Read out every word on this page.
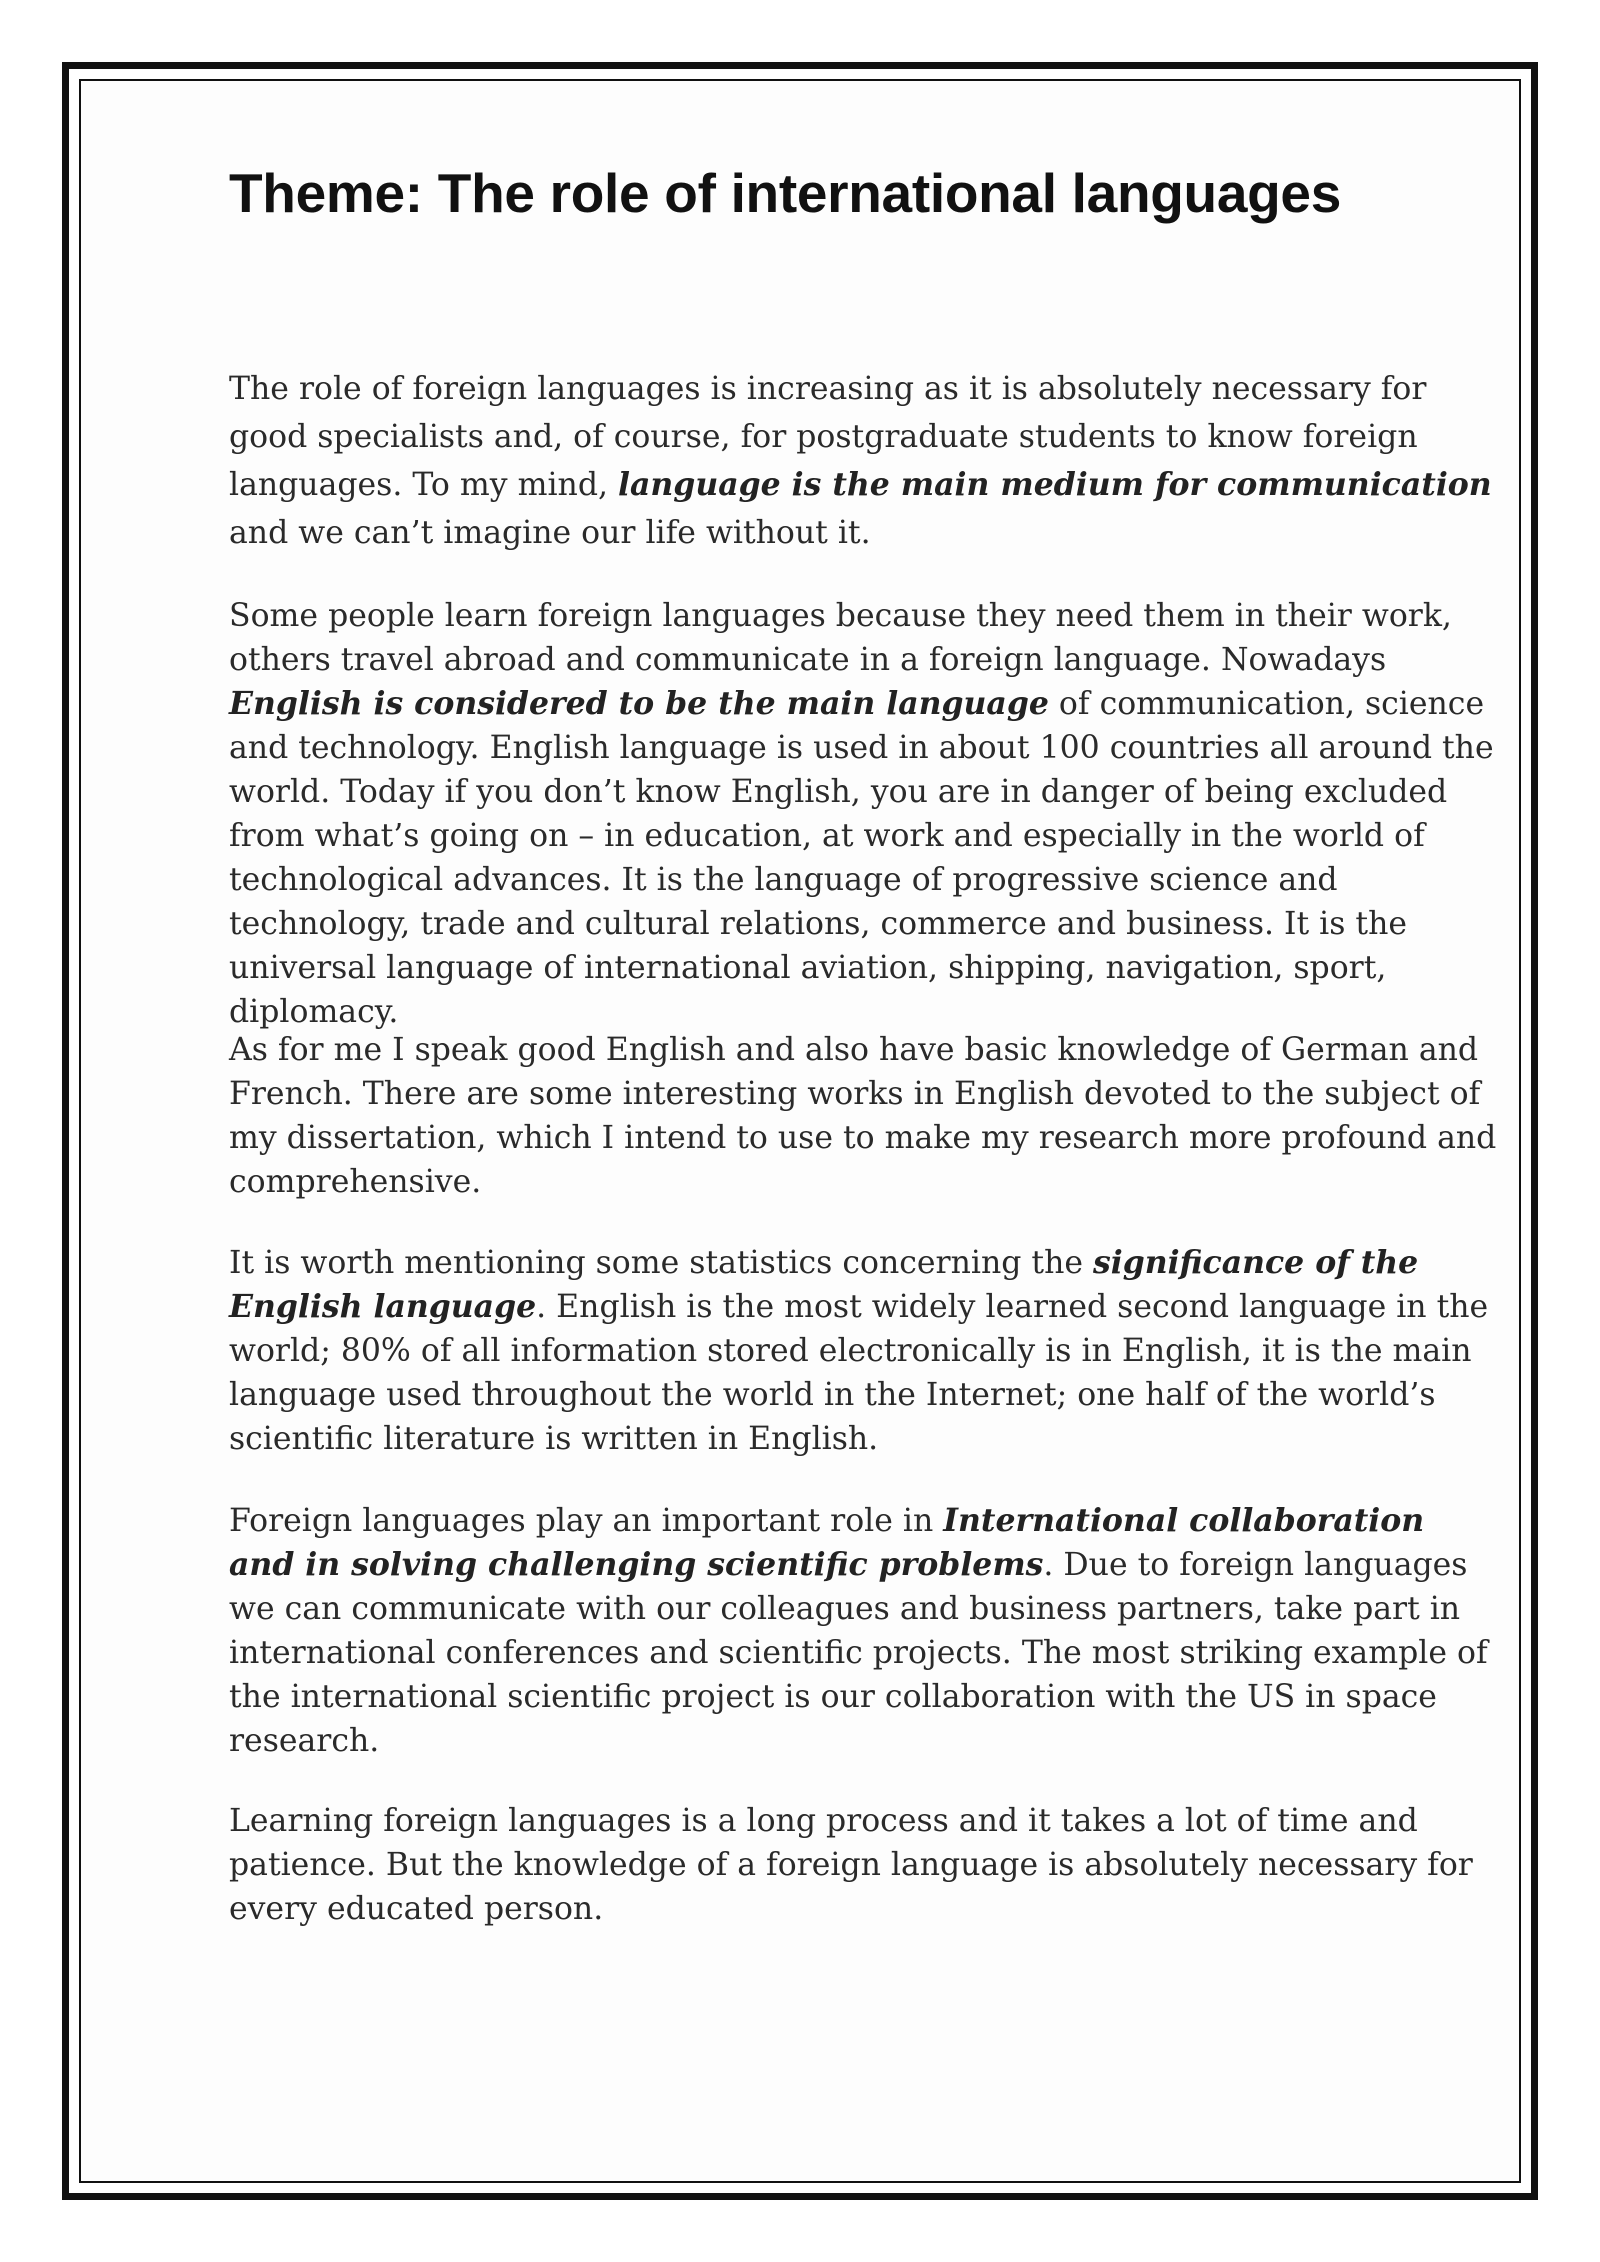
Theme: The role of international languages

The role of foreign languages is increasing as it is absolutely necessary for good specialists and, of course, for postgraduate students to know foreign languages. To my mind, language is the main medium for communication and we can’t imagine our life without it.

Some people learn foreign languages because they need them in their work, others travel abroad and communicate in a foreign language. Nowadays English is considered to be the main language of communication, science and technology. English language is used in about 100 countries all around the world. Today if you don’t know English, you are in danger of being excluded from what’s going on – in education, at work and especially in the world of technological advances. It is the language of progressive science and technology, trade and cultural relations, commerce and business. It is the universal language of international aviation, shipping, navigation, sport, diplomacy.

As for me I speak good English and also have basic knowledge of German and French. There are some interesting works in English devoted to the subject of my dissertation, which I intend to use to make my research more profound and comprehensive.

It is worth mentioning some statistics concerning the significance of the English language. English is the most widely learned second language in the world; 80% of all information stored electronically is in English, it is the main language used throughout the world in the Internet; one half of the world’s scientific literature is written in English.

Foreign languages play an important role in International collaboration and in solving challenging scientific problems. Due to foreign languages we can communicate with our colleagues and business partners, take part in international conferences and scientific projects. The most striking example of the international scientific project is our collaboration with the US in space research.

Learning foreign languages is a long process and it takes a lot of time and patience. But the knowledge of a foreign language is absolutely necessary for every educated person.
